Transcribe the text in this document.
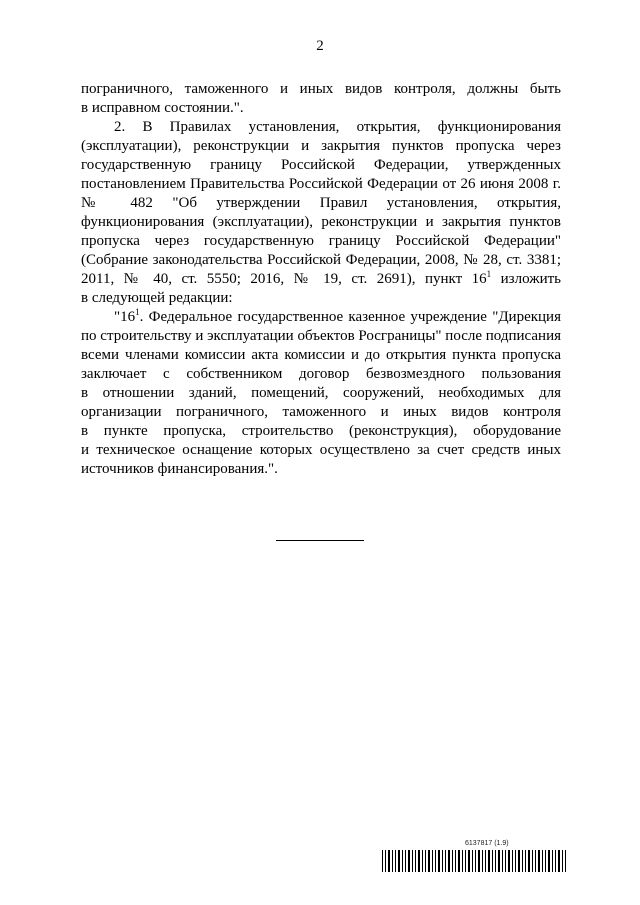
2
пограничного, таможенного и иных видов контроля, должны быть
в исправном состоянии.".
2. В Правилах установления, открытия, функционирования
(эксплуатации), реконструкции и закрытия пунктов пропуска через
государственную границу Российской Федерации, утвержденных
постановлением Правительства Российской Федерации от 26 июня 2008 г.
№ 482 "Об утверждении Правил установления, открытия,
функционирования (эксплуатации), реконструкции и закрытия пунктов
пропуска через государственную границу Российской Федерации"
(Собрание законодательства Российской Федерации, 2008, № 28, ст. 3381;
2011, № 40, ст. 5550; 2016, № 19, ст. 2691), пункт $16^1$ изложить
в следующей редакции:
"$16^1$. Федеральное государственное казенное учреждение "Дирекция
по строительству и эксплуатации объектов Росграницы" после подписания
всеми членами комиссии акта комиссии и до открытия пункта пропуска
заключает с собственником договор безвозмездного пользования
в отношении зданий, помещений, сооружений, необходимых для
организации пограничного, таможенного и иных видов контроля
в пункте пропуска, строительство (реконструкция), оборудование
и техническое оснащение которых осуществлено за счет средств иных
источников финансирования.".
6137817 (1.9)
